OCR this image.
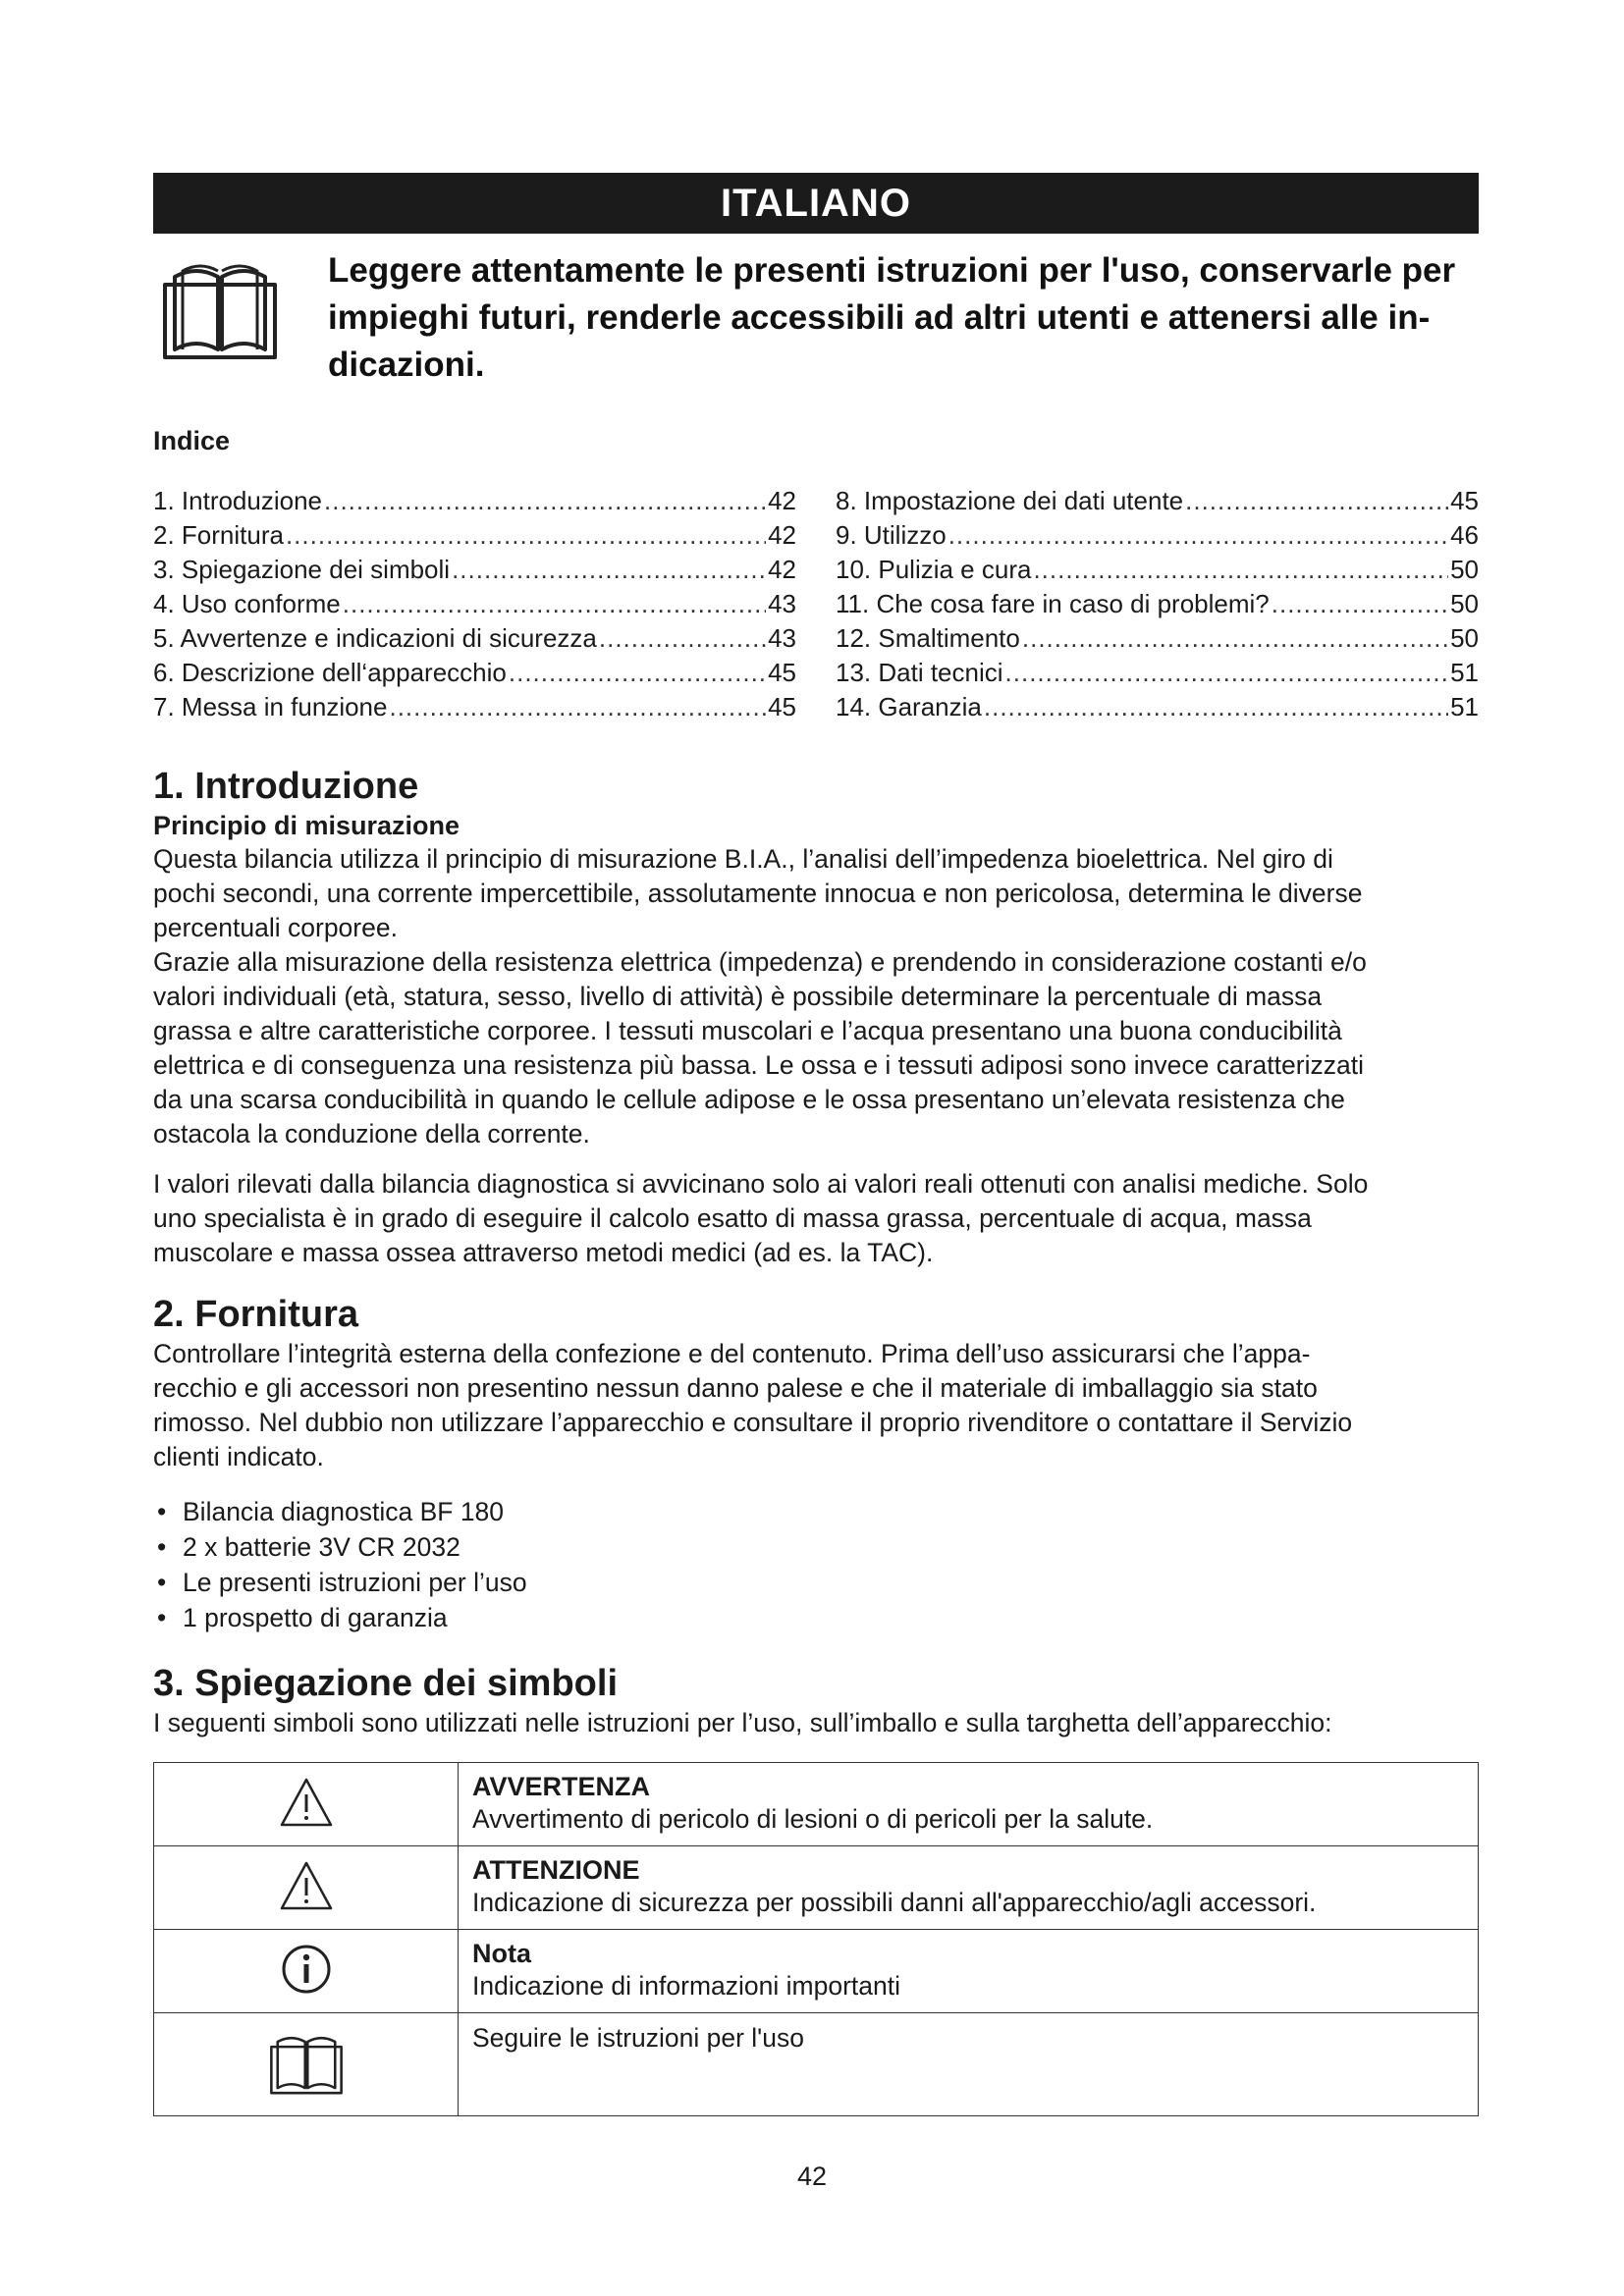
ITALIANO
Leggere attentamente le presenti istruzioni per l'uso, conservarle per
impieghi futuri, renderle accessibili ad altri utenti e attenersi alle in-
dicazioni.
Indice
1. Introduzione .....	42
2. Fornitura .....	42
3. Spiegazione dei simboli .....	42
4. Uso conforme .....	43
5. Avvertenze e indicazioni di sicurezza .....	43
6. Descrizione dell‘apparecchio .....	45
7. Messa in funzione .....	45
8. Impostazione dei dati utente .....	45
9. Utilizzo .....	46
10. Pulizia e cura .....	50
11. Che cosa fare in caso di problemi? .....	50
12. Smaltimento .....	50
13. Dati tecnici .....	51
14. Garanzia .....	51
1. Introduzione
Principio di misurazione

Questa bilancia utilizza il principio di misurazione B.I.A., l’analisi dell’impedenza bioelettrica. Nel giro di

pochi secondi, una corrente impercettibile, assolutamente innocua e non pericolosa, determina le diverse

percentuali corporee.

Grazie alla misurazione della resistenza elettrica (impedenza) e prendendo in considerazione costanti e/o

valori individuali (età, statura, sesso, livello di attività) è possibile determinare la percentuale di massa

grassa e altre caratteristiche corporee. I tessuti muscolari e l’acqua presentano una buona conducibilità

elettrica e di conseguenza una resistenza più bassa. Le ossa e i tessuti adiposi sono invece caratterizzati

da una scarsa conducibilità in quando le cellule adipose e le ossa presentano un’elevata resistenza che

ostacola la conduzione della corrente.

I valori rilevati dalla bilancia diagnostica si avvicinano solo ai valori reali ottenuti con analisi mediche. Solo

uno specialista è in grado di eseguire il calcolo esatto di massa grassa, percentuale di acqua, massa

muscolare e massa ossea attraverso metodi medici (ad es. la TAC).

2. Fornitura

Controllare l’integrità esterna della confezione e del contenuto. Prima dell’uso assicurarsi che l’appa-

recchio e gli accessori non presentino nessun danno palese e che il materiale di imballaggio sia stato

rimosso. Nel dubbio non utilizzare l’apparecchio e consultare il proprio rivenditore o contattare il Servizio

clienti indicato.

• Bilancia diagnostica BF 180
• 2 x batterie 3V CR 2032
• Le presenti istruzioni per l’uso
• 1 prospetto di garanzia
3. Spiegazione dei simboli

I seguenti simboli sono utilizzati nelle istruzioni per l’uso, sull’imballo e sulla targhetta dell’apparecchio:

AVVERTENZA
Avvertimento di pericolo di lesioni o di pericoli per la salute.

ATTENZIONE
Indicazione di sicurezza per possibili danni all'apparecchio/agli accessori.

Nota
Indicazione di informazioni importanti

Seguire le istruzioni per l'uso
42
